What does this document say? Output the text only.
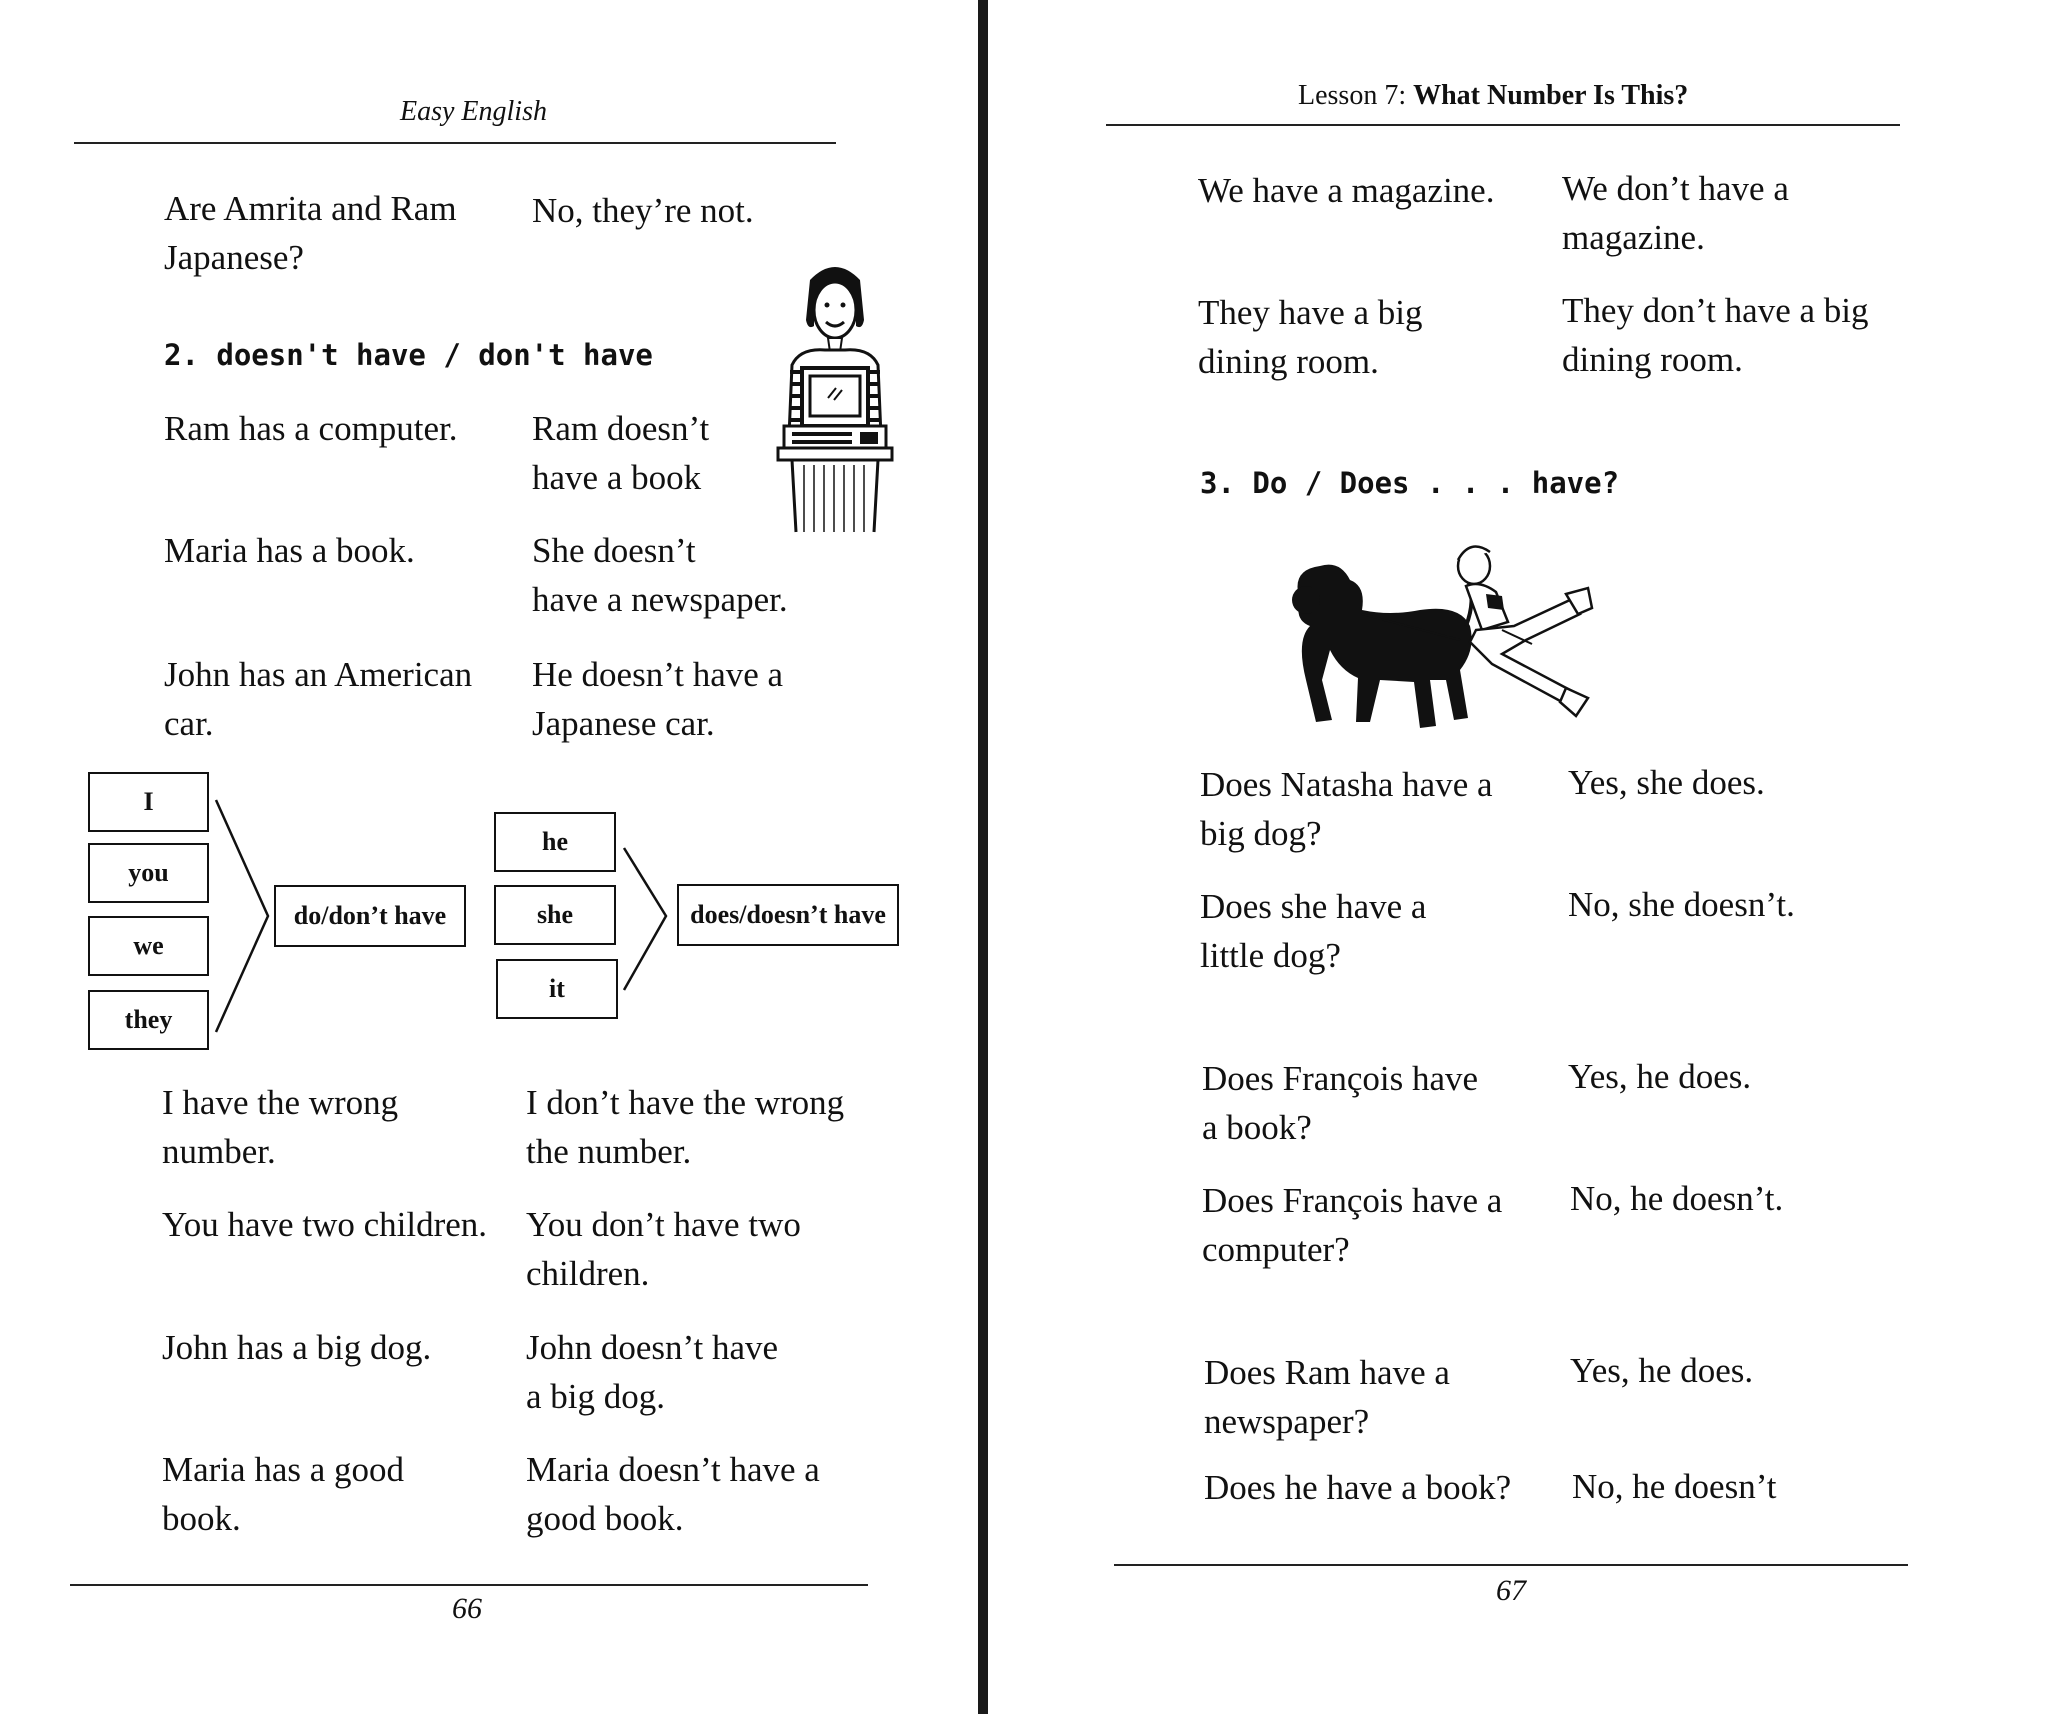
Easy English
Are Amrita and Ram
Japanese?
No, they’re not.
2. doesn't have / don't have
Ram has a computer. Ram doesn’t
have a book
Maria has a book.	She doesn’t
have a newspaper.
John has an American
car.
He doesn’t have a
Japanese car.
I
you
we
they
do/don’t have
he
she
it
does/doesn’t have
I have the wrong
number.
I don’t have the wrong
the number.
You have two children. You don’t have two
children.
John has a big dog.	John doesn’t have
a big dog.
Maria has a good
book.
Maria doesn’t have a
good book.
66
Lesson 7: What Number Is This?
We have a magazine. We don’t have a
magazine.
They have a big
dining room.
They don’t have a big
dining room.
3. Do / Does . . . have?
Does Natasha have a
big dog?
Yes, she does.
Does she have a
little dog?
No, she doesn’t.
Does François have
a book?
Yes, he does.
Does François have a
computer?
No, he doesn’t.
Does Ram have a
newspaper?
Yes, he does.
Does he have a book? No, he doesn’t
67
